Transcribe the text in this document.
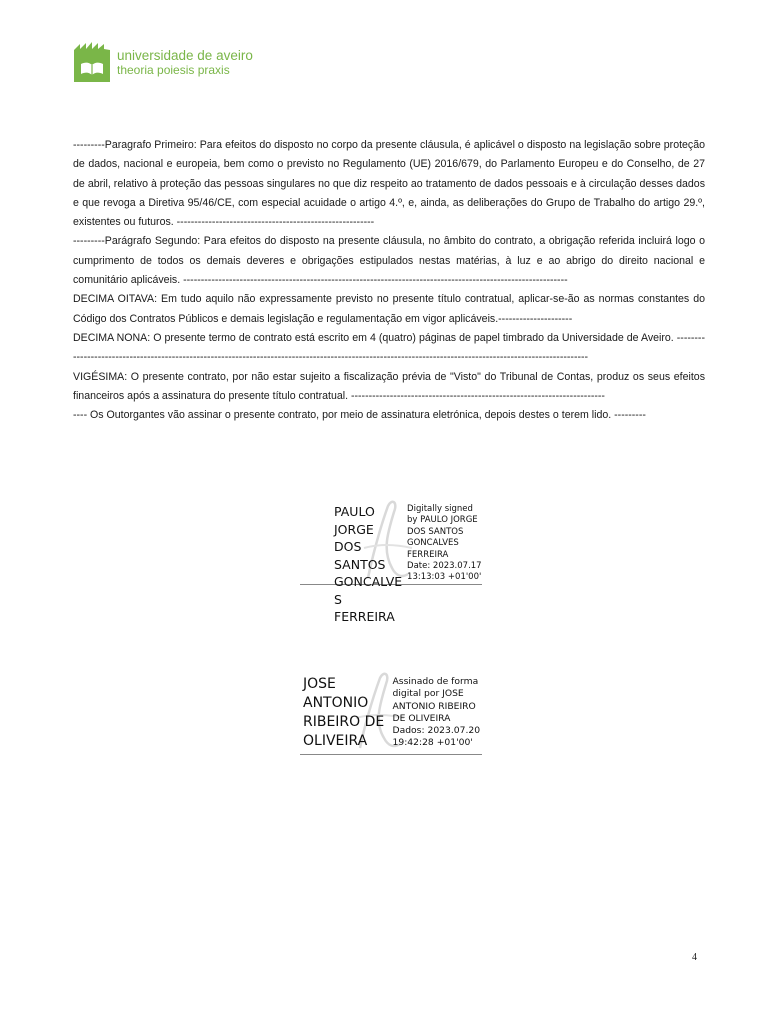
universidade de aveiro
theoria poiesis praxis

---------Paragrafo Primeiro: Para efeitos do disposto no corpo da presente cláusula, é aplicável o disposto na legislação sobre proteção de dados, nacional e europeia, bem como o previsto no Regulamento (UE) 2016/679, do Parlamento Europeu e do Conselho, de 27 de abril, relativo à proteção das pessoas singulares no que diz respeito ao tratamento de dados pessoais e à circulação desses dados e que revoga a Diretiva 95/46/CE, com especial acuidade o artigo 4.º, e, ainda, as deliberações do Grupo de Trabalho do artigo 29.º, existentes ou futuros. --------------------------------------------------------

---------Parágrafo Segundo: Para efeitos do disposto na presente cláusula, no âmbito do contrato, a obrigação referida incluirá logo o cumprimento de todos os demais deveres e obrigações estipulados nestas matérias, à luz e ao abrigo do direito nacional e comunitário aplicáveis. -------------------------------------------------------------------------------------------------------------

DECIMA OITAVA: Em tudo aquilo não expressamente previsto no presente título contratual, aplicar-se-ão as normas constantes do Código dos Contratos Públicos e demais legislação e regulamentação em vigor aplicáveis.---------------------

DECIMA NONA: O presente termo de contrato está escrito em 4 (quatro) páginas de papel timbrado da Universidade de Aveiro. ----------------------------------------------------------------------------------------------------------------------------------------------------------

VIGÉSIMA: O presente contrato, por não estar sujeito a fiscalização prévia de "Visto" do Tribunal de Contas, produz os seus efeitos financeiros após a assinatura do presente título contratual. ------------------------------------------------------------------------

---- Os Outorgantes vão assinar o presente contrato, por meio de assinatura eletrónica, depois destes o terem lido. ---------

PAULO
JORGE DOS
SANTOS
GONCALVE
S FERREIRA
Digitally signed
by PAULO JORGE
DOS SANTOS
GONCALVES
FERREIRA
Date: 2023.07.17
13:13:03 +01'00'
JOSE
ANTONIO
RIBEIRO DE
OLIVEIRA
Assinado de forma
digital por JOSE
ANTONIO RIBEIRO
DE OLIVEIRA
Dados: 2023.07.20
19:42:28 +01'00'
4
